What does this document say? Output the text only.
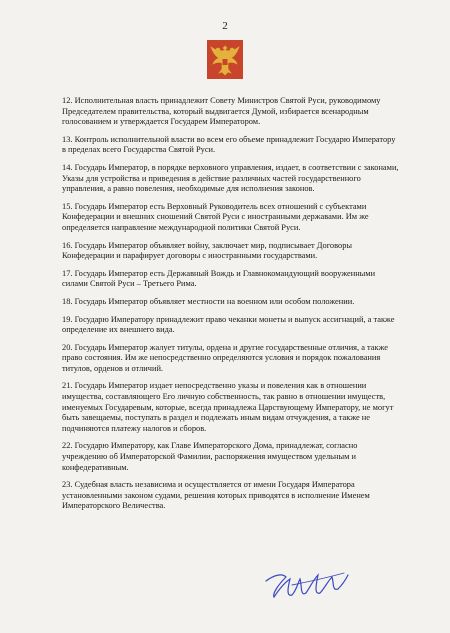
2

12. Исполнительная власть принадлежит Совету Министров Святой Руси, руководимому Председателем правительства, который выдвигается Думой, избирается всенародным голосованием и утверждается Государем Императором.

13. Контроль исполнительной власти во всем его объеме принадлежит Государю Императору в пределах всего Государства Святой Руси.

14. Государь Император, в порядке верховного управления, издает, в соответствии с законами, Указы для устройства и приведения в действие различных частей государственного управления, а равно повеления, необходимые для исполнения законов.

15. Государь Император есть Верховный Руководитель всех отношений с субъектами Конфедерации и внешних сношений Святой Руси с иностранными державами. Им же определяется направление международной политики Святой Руси.

16. Государь Император объявляет войну, заключает мир, подписывает Договоры Конфедерации и парафирует договоры с иностранными государствами.

17. Государь Император есть Державный Вождь и Главнокомандующий вооруженными силами Святой Руси – Третьего Рима.

18. Государь Император объявляет местности на военном или особом положении.

19. Государю Императору принадлежит право чеканки монеты и выпуск ассигнаций, а также определение их внешнего вида.

20. Государь Император жалует титулы, ордена и другие государственные отличия, а также право состояния. Им же непосредственно определяются условия и порядок пожалования титулов, орденов и отличий.

21. Государь Император издает непосредственно указы и повеления как в отношении имущества, составляющего Его личную собственность, так равно в отношении имуществ, именуемых Государевым, которые, всегда принадлежа Царствующему Императору, не могут быть завещаемы, поступать в раздел и подлежать иным видам отчуждения, а также не подчиняются платежу налогов и сборов.

22. Государю Императору, как Главе Императорского Дома, принадлежат, согласно учреждению об Императорской Фамилии, распоряжения имуществом удельным и конфедеративным.

23. Судебная власть независима и осуществляется от имени Государя Императора установленными законом судами, решения которых приводятся в исполнение Именем Императорского Величества.
